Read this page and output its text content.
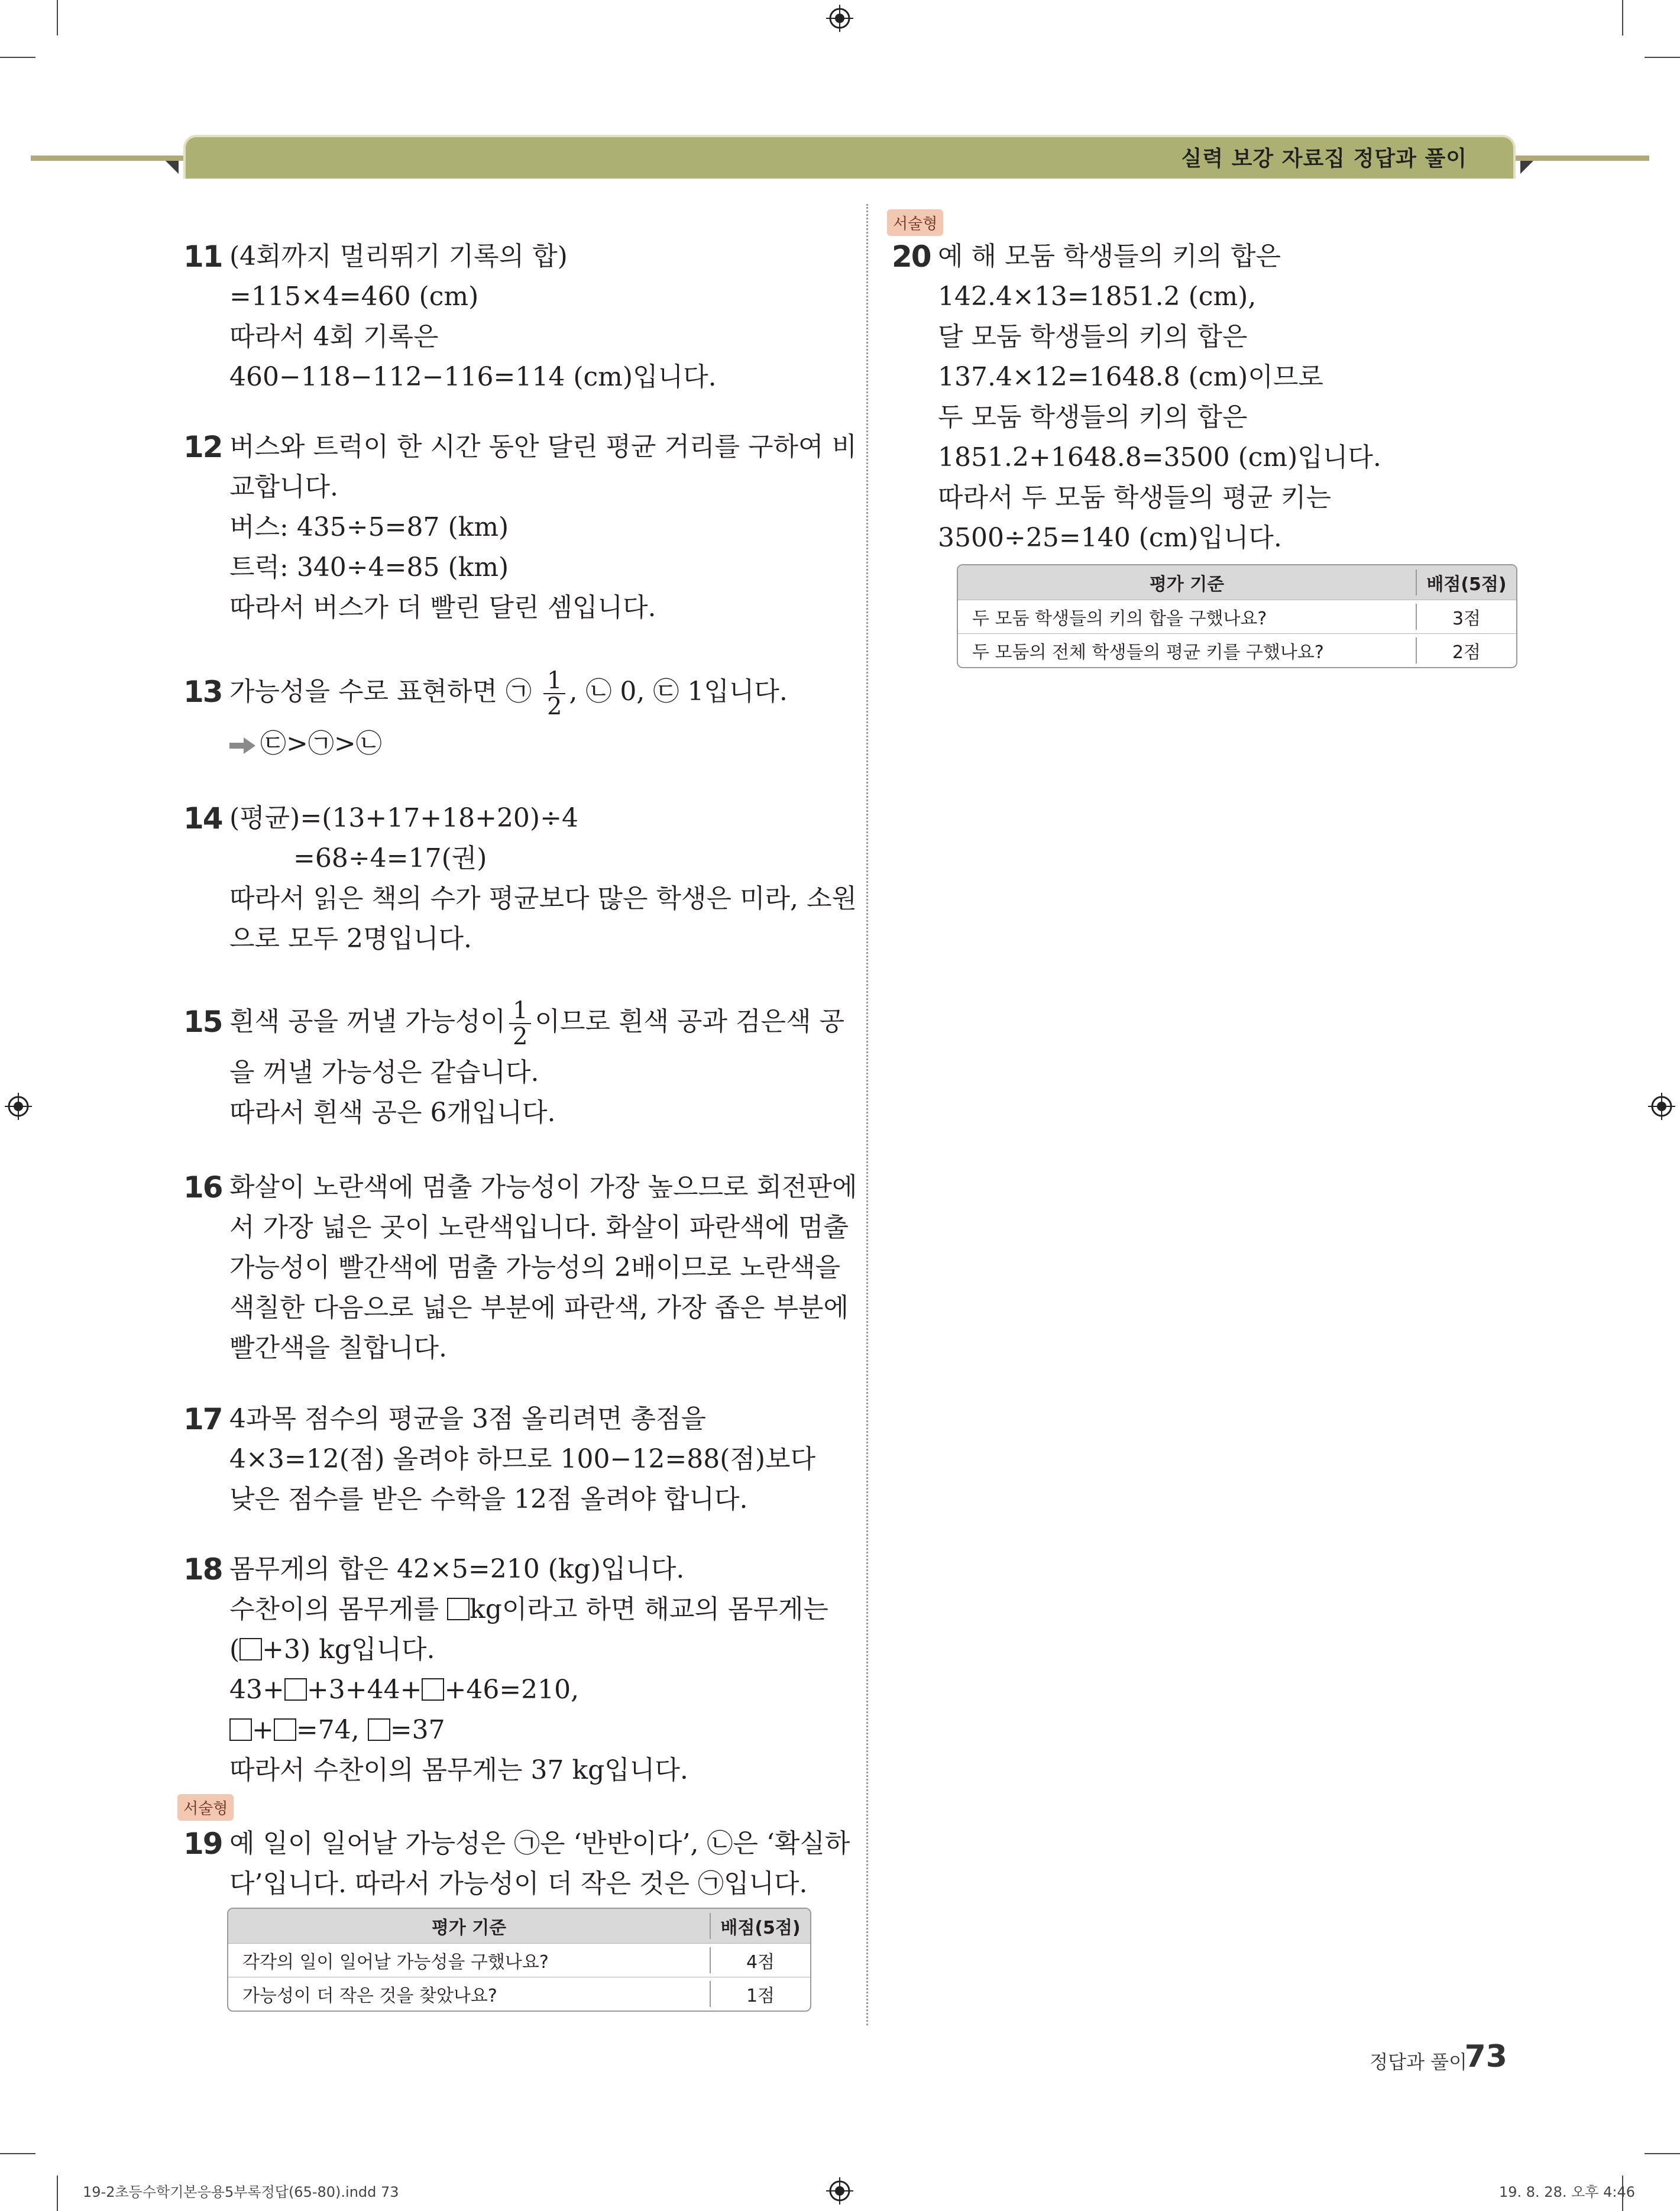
실력 보강 자료집 정답과 풀이
11 (4회까지 멀리뛰기 기록의 합)
=115×4=460 (cm)
따라서 4회 기록은
460−118−112−116=114 (cm)입니다.
12 버스와 트럭이 한 시간 동안 달린 평균 거리를 구하여 비
교합니다.
버스: 435÷5=87 (km)
트럭: 340÷4=85 (km)
따라서 버스가 더 빨린 달린 셈입니다.
13 가능성을 수로 표현하면 ㉠ $\frac{1}{2}$ , ㉡ 0, ㉢ 1입니다.
㉢>㉠>㉡
14 (평균)=(13+17+18+20)÷4
=68÷4=17(권)
따라서 읽은 책의 수가 평균보다 많은 학생은 미라, 소원
으로 모두 2명입니다.
15 흰색 공을 꺼낼 가능성이 $\frac{1}{2}$ 이므로 흰색 공과 검은색 공
을 꺼낼 가능성은 같습니다.
따라서 흰색 공은 6개입니다.
16 화살이 노란색에 멈출 가능성이 가장 높으므로 회전판에
서 가장 넓은 곳이 노란색입니다. 화살이 파란색에 멈출
가능성이 빨간색에 멈출 가능성의 2배이므로 노란색을
색칠한 다음으로 넓은 부분에 파란색, 가장 좁은 부분에
빨간색을 칠합니다.
17 4과목 점수의 평균을 3점 올리려면 총점을
4×3=12(점) 올려야 하므로 100−12=88(점)보다
낮은 점수를 받은 수학을 12점 올려야 합니다.
18 몸무게의 합은 42×5=210 (kg)입니다.
수찬이의 몸무게를 kg이라고 하면 해교의 몸무게는
( +3) kg입니다.
43+ +3+44+ +46=210,
+ =74, =37
따라서 수찬이의 몸무게는 37 kg입니다.
서술형
19 예 일이 일어날 가능성은 ㉠은 ‘반반이다’, ㉡은 ‘확실하
다’입니다. 따라서 가능성이 더 작은 것은 ㉠입니다.
평가 기준	배점(5점)
각각의 일이 일어날 가능성을 구했나요?	4점
가능성이 더 작은 것을 찾았나요?	1점
서술형
20 예 해 모둠 학생들의 키의 합은
142.4×13=1851.2 (cm),
달 모둠 학생들의 키의 합은
137.4×12=1648.8 (cm)이므로
두 모둠 학생들의 키의 합은
1851.2+1648.8=3500 (cm)입니다.
따라서 두 모둠 학생들의 평균 키는
3500÷25=140 (cm)입니다.
평가 기준	배점(5점)
두 모둠 학생들의 키의 합을 구했나요?	3점
두 모둠의 전체 학생들의 평균 키를 구했나요?	2점
정답과 풀이
73
19-2초등수학기본응용5부록정답(65-80).indd 73	19. 8. 28. 오후 4:46
